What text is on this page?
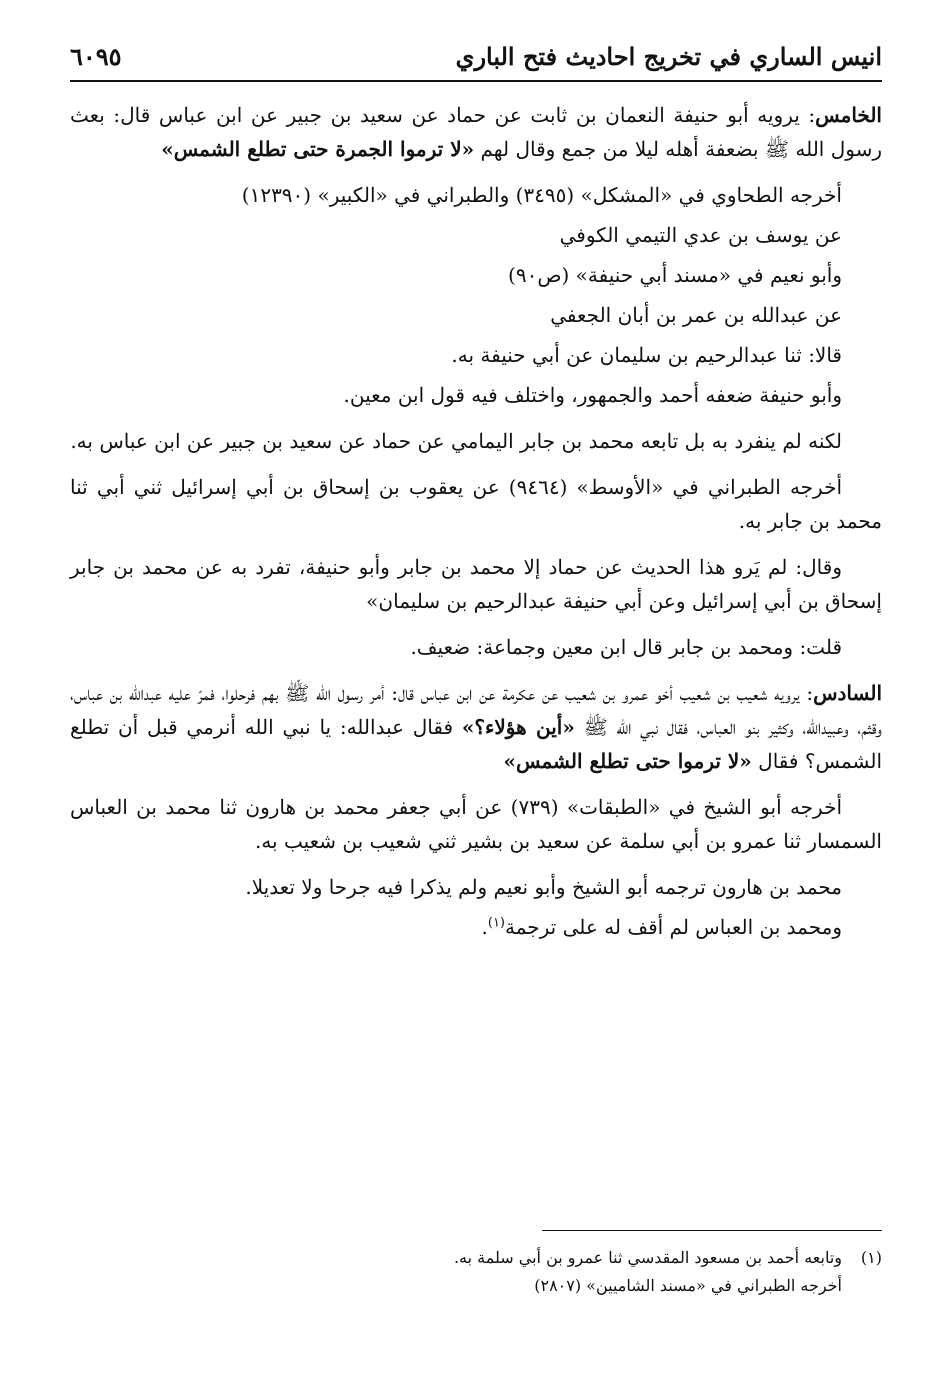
انيس الساري في تخريج احاديث فتح الباري
٦٠٩٥

الخامس: يرويه أبو حنيفة النعمان بن ثابت عن حماد عن سعيد بن جبير عن ابن عباس قال: بعث رسول الله ﷺ بضعفة أهله ليلا من جمع وقال لهم «لا ترموا الجمرة حتى تطلع الشمس»

أخرجه الطحاوي في «المشكل» (٣٤٩٥) والطبراني في «الكبير» (١٢٣٩٠)

عن يوسف بن عدي التيمي الكوفي

وأبو نعيم في «مسند أبي حنيفة» (ص٩٠)

عن عبدالله بن عمر بن أبان الجعفي

قالا: ثنا عبدالرحيم بن سليمان عن أبي حنيفة به.

وأبو حنيفة ضعفه أحمد والجمهور، واختلف فيه قول ابن معين.

لكنه لم ينفرد به بل تابعه محمد بن جابر اليمامي عن حماد عن سعيد بن جبير عن ابن عباس به.

أخرجه الطبراني في «الأوسط» (٩٤٦٤) عن يعقوب بن إسحاق بن أبي إسرائيل ثني أبي ثنا محمد بن جابر به.

وقال: لم يَرو هذا الحديث عن حماد إلا محمد بن جابر وأبو حنيفة، تفرد به عن محمد بن جابر إسحاق بن أبي إسرائيل وعن أبي حنيفة عبدالرحيم بن سليمان»

قلت: ومحمد بن جابر قال ابن معين وجماعة: ضعيف.

السادس: يرويه شعيب بن شعيب أخو عمرو بن شعيب عن عكرمة عن ابن عباس قال: أمر رسول الله ﷺ بهم فرحلوا، فمرّ عليه عبدالله بن عباس، وقثم، وعبيدالله، وكثير بنو العباس، فقال نبي الله ﷺ «أين هؤلاء؟» فقال عبدالله: يا نبي الله أنرمي قبل أن تطلع الشمس؟ فقال «لا ترموا حتى تطلع الشمس»

أخرجه أبو الشيخ في «الطبقات» (٧٣٩) عن أبي جعفر محمد بن هارون ثنا محمد بن العباس السمسار ثنا عمرو بن أبي سلمة عن سعيد بن بشير ثني شعيب بن شعيب به.

محمد بن هارون ترجمه أبو الشيخ وأبو نعيم ولم يذكرا فيه جرحا ولا تعديلا.

ومحمد بن العباس لم أقف له على ترجمة$^{(١)}$.

(١)وتابعه أحمد بن مسعود المقدسي ثنا عمرو بن أبي سلمة به.
أخرجه الطبراني في «مسند الشاميين» (٢٨٠٧)
